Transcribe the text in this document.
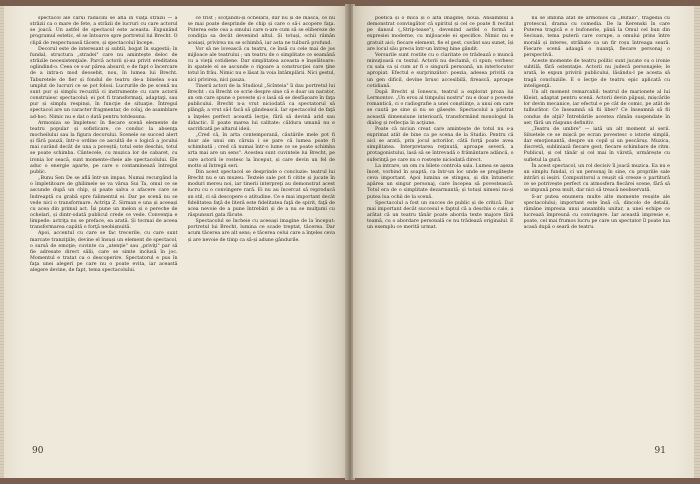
spectacol ale cărui râdăcini se află în viaţa străzii — a străzii ca o mare de fete, a străzii de lucruri cu care actorul se joacă. Un astfel de spectacol este aceasta. Expunând programul estetic, el se întoarce spre portretul lui Brecht. O clipă de respectuoasă tăcere, și spectacolul începe.

Decorul este de interesant și subtil, bogat în sugestii; în fundal, structura „stradei" care nu amintește deloc de străzile neoexistenţiale. Parcă actorii și-au privit ereditatea oglindind-o. Ceea ce s-ar părea absurd, e de fapt o încercare de a intra-n mod deosebit, nou, în lumea lui Brecht. Taburetele de fier și fondul de teatru de-a binelea s-au umplut de lucruri ce se pot folosi. Lucrurile de pe scenă nu sunt pur și simplu recuzită ci instrumente cu care actorii construiesc spectacolul; ei pot fi transformaţi, adaptaţi, sau pur și simplu respinși, în funcţie de situaţie. Întregul spectacol are un caracter fragmentar, de colaj, de asamblare ad-hoc. Nimic nu e dat o dată pentru totdeauna.

Armoniza se împletesc în fiecare scenă elemente de teatru popular și sofisticare, ce conduc la absenţa mocheilului sau la figura decorului. Scenele se succed alert și fără pauză, într-o ordine ce ascultă de o logică a jocului mai curând decât de una a poveștii; totul este deschis, totul se poate schimba. Cântecele, cu muzica lor de cabaret, cu ironia lor seacă, sunt momente-cheie ale spectacolului. Ele aduc o energie aparte, pe care o contaminează întregul public.

„Bunu Sen De se află într-un impas. Numai recurgând la o împletitoare de ghilimele se va vărsa Sui Ta, omul ce se ascunde după un chip, și poate salva o afacere care se îndreaptă cu grabă spre falimentul ei. Dar pe scenă nu se vede nici o transformare. Actriţa Z. Sirman e una și aceeași cu acea din primul act. Își pune un melon și o pereche de ochelari, și dintr-odată publicul crede ce vede. Convenţia e limpede: actriţa nu se preface, ea arată. Și tocmai de aceea transformarea capătă o forţă neobișnuită.

Apoi, accentul cu care se fac trecerile, cu care sunt marcate tranziţiile, devine el însuși un element de spectacol, o sursă de emoţie; cuvinte ca „atenţie" sau „priviţi" par să fie adresate direct sălii, care se simte inclusă în joc. Momentul e tratat ca o descoperire. Spectatorul e pus în faţa unei alegeri pe care nu o poate evita, iar această alegere devine, de fapt, tema spectacolului.

ce trist ; scoţându-și ochelarii, dar nu și de mască, ce nu se mai poate desprinde de chip și care o să-i acopere faţa. Puterea este cea a omului care n-are cum să se elibereze de condiţia sa decât devenind altul. Și totuși, ochii rămân aceiași, privirea nu se schimbă, iar asta ne tulbură profund.

Vor să ne lovească cu teatru, ce însă cu cele mai de jos mijloace ale teatrului ; un teatru de o simplitate ce seamănă cu a vieţii cotidiene. Dar simplitatea aceasta e înșelătoare: în spatele ei se ascunde o rigoare a construcţiei care ţine totul în frâu. Nimic nu e lăsat la voia întâmplării. Nici gestul, nici privirea, nici pauza.

Tinerii actori de la Studioul „Scînteia" îi dau portretul lui Brecht : ca Brecht ce scrie despre sine că e doar un narator, un om care spune o poveste și o lasă să se desfășoare în faţa publicului. Brecht n-a vrut niciodată ca spectatorul să plângă; a vrut să-l facă să gândească. Iar spectacolul de faţă a înţeles perfect această lecţie, fără să devină arid sau didactic. E poate marea lui calitate: căldura umană nu e sacrificată pe altarul ideii.

„Cred că, în arta contemporană, căutările mele pot fi doar ale unui om căruia i se pare că lumea poate fi schimbată ; cred că numai într-o lume ce se poate schimba arta mai are un sens". Acestea sunt cuvintele lui Brecht, pe care actorii le rostesc la început, și care devin un fel de motto al întregii seri.

Din acest spectacol se desprinde o concluzie: teatrul lui Brecht nu e un muzeu. Textele sale pot fi citite și jucate în moduri mereu noi, iar tinerii interpreţi au demonstrat acest lucru cu o convingere rară. Ei nu au încercat să reproducă un stil, ci să descopere o atitudine. Ce e mai important decât fidelitatea faţă de literă este fidelitatea faţă de spirit, faţă de acea nevoie de a pune întrebări și de a nu se mulţumi cu răspunsuri gata făcute.

Spectacolul se încheie cu aceeași imagine de la început: portretul lui Brecht, lumina ce scade treptat, tăcerea. Dar acum tăcerea are alt sens; e tăcerea celui care a înţeles ceva și are nevoie de timp ca să-și adune gândurile.

90

poetică și o mică și o altă imagine, nouă. Ansamblul a demonstrat convingător că spiritul și cel ce poate fi recitat pe dansul („Strip-tease"), devenind astfel o formă a expresiei moderne, cu mijloacele ei specifice. Nimic nu e gratuit aici; fiecare element, fie el gest, cuvânt sau sunet, își are locul său precis într-un întreg bine gândit.

Versurile sunt rostite cu o claritate ce trădează o muncă minuţioasă cu textul. Actorii nu declamă, ci spun; vorbesc cu sala ca și cum ar fi o singură persoană, un interlocutor apropiat. Efectul e surprinzător: poezia, adesea privită ca un gen dificil, devine brusc accesibilă, firească, aproape cotidiană.

După Brecht și Ionescu, teatrul a explorat proza lui Lermontov. „Un erou al timpului nostru" nu e doar o poveste romantică, ci o radiografie a unei conștiinţe, a unui om care se caută pe sine și nu se găsește. Spectacolul a păstrat această dimensiune interioară, transformând monologul în dialog și reflecţia în acţiune.

Poate că niciun creat care amintește de totul nu s-a exprimat atât de bine ca pe scena de la Studio. Pentru că aici se arată, prin jocul actorilor, câtă forţă poate avea simplitatea. Interpretarea reţinută, aproape severă, a protagonistului, lasă să se întrevadă o frământare adâncă, o suferinţă pe care nu o rostește niciodată direct.

La intrare, un om cu bilete controla sala. Lumea se așeza încet, vorbind în șoaptă, ca într-un loc unde se pregătește ceva important. Apoi lumina se stingea, și din întuneric apărea un singur personaj, care începea să povestească. Totul era de o simplitate dezarmantă; și totuși nimeni nu-și putea lua ochii de la scenă.

Spectacolul a fost un succes de public și de critică. Dar mai important decât succesul e faptul că a deschis o cale, a arătat că un teatru tânăr poate aborda texte majore fără teamă, cu o abordare personală ce nu trădează originalul. E un exemplu ce merită urmat.

nu se îmbină atât de armonios ca „Bufalo", tragedia cu grotescul, drama cu comedia. De la Kerenski în care Puterea tragică e o bufonerie, până la Omul cel bun din Seciuan, tema puterii care corupe, a omului prins între morală și interes, străbate ca un fir roșu întreaga seară. Fiecare scenă adaugă o nuanţă, fiecare personaj o perspectivă.

Aceste momente de teatru politic sunt jucate cu o ironie subtilă, fără ostentaţie. Actorii nu judecă personajele; le arată, le expun privirii publicului, lăsându-l pe acesta să tragă concluziile. E o lecţie de teatru epic aplicată cu inteligenţă.

Un alt moment remarcabil: teatrul de marionete al lui Kleist, adaptat pentru scenă. Actorii devin păpuși, mișcările lor devin mecanice, iar efectul e pe cât de comic, pe atât de tulburător. Ce înseamnă să fii liber? Ce înseamnă să fii condus de alţii? Întrebările acestea rămân suspendate în aer, fără un răspuns definitiv.

„Teatru de umbre" — iată un alt moment al serii. Siluetele ce se mișcă pe ecran povestesc o istorie simplă, dar emoţionantă, despre un copil și un pescăruș. Muzica, discretă, subliniază fiecare gest, fiecare schimbare de ritm. Publicul, și cel tânăr și cel mai în vârstă, urmărește cu sufletul la gură.

În acest spectacol, un rol decisiv îl joacă muzica. Ea nu e un simplu fundal, ci un personaj în sine, cu propriile sale intrări și ieșiri. Compozitorul a reușit să creeze o partitură ce se potrivește perfect cu atmosfera fiecărei scene, fără să se impună prea mult, dar nici să treacă neobservată.

S-ar putea enumera multe alte momente reușite ale spectacolului; important este însă că, dincolo de detalii, rămâne impresia unui ansamblu unitar, a unei echipe ce lucrează împreună cu convingere. Iar această impresie e, poate, cel mai frumos lucru pe care un spectator îl poate lua acasă după o seară de teatru.

91
